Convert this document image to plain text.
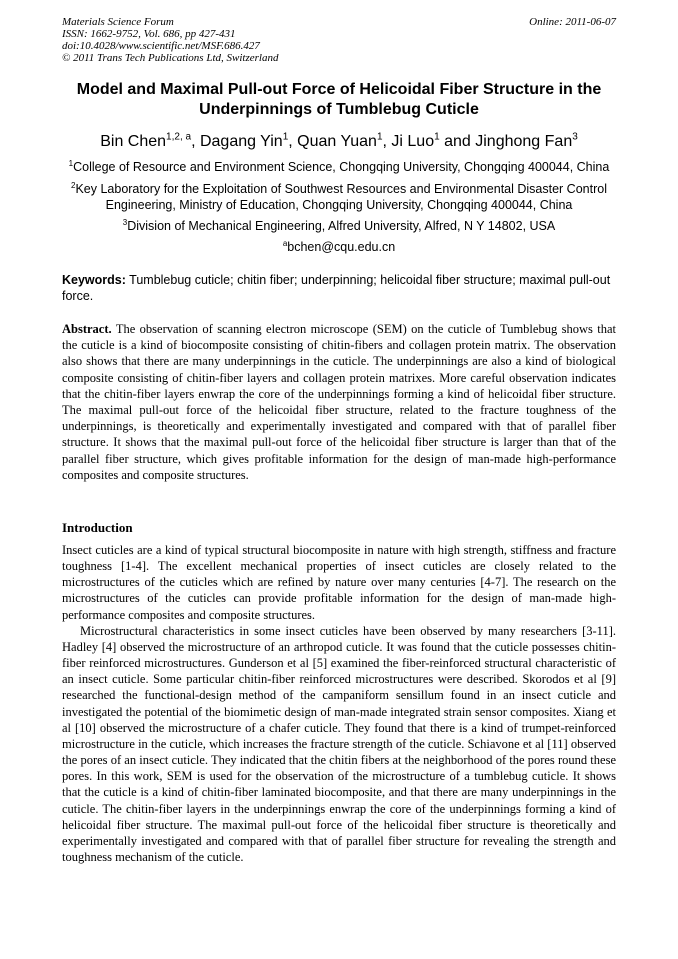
Materials Science Forum
ISSN: 1662-9752, Vol. 686, pp 427-431
doi:10.4028/www.scientific.net/MSF.686.427
© 2011 Trans Tech Publications Ltd, Switzerland
Online: 2011-06-07
Model and Maximal Pull-out Force of Helicoidal Fiber Structure in the Underpinnings of Tumblebug Cuticle
Bin Chen$^{1,2, a}$, Dagang Yin$^1$, Quan Yuan$^1$, Ji Luo$^1$ and Jinghong Fan$^3$
$^1$College of Resource and Environment Science, Chongqing University, Chongqing 400044, China
$^2$Key Laboratory for the Exploitation of Southwest Resources and Environmental Disaster Control Engineering, Ministry of Education, Chongqing University, Chongqing 400044, China
$^3$Division of Mechanical Engineering, Alfred University, Alfred, N Y 14802, USA
$^a$bchen@cqu.edu.cn
Keywords: Tumblebug cuticle; chitin fiber; underpinning; helicoidal fiber structure; maximal pull-out force.
Abstract. The observation of scanning electron microscope (SEM) on the cuticle of Tumblebug shows that the cuticle is a kind of biocomposite consisting of chitin-fibers and collagen protein matrix. The observation also shows that there are many underpinnings in the cuticle. The underpinnings are also a kind of biological composite consisting of chitin-fiber layers and collagen protein matrixes. More careful observation indicates that the chitin-fiber layers enwrap the core of the underpinnings forming a kind of helicoidal fiber structure. The maximal pull-out force of the helicoidal fiber structure, related to the fracture toughness of the underpinnings, is theoretically and experimentally investigated and compared with that of parallel fiber structure. It shows that the maximal pull-out force of the helicoidal fiber structure is larger than that of the parallel fiber structure, which gives profitable information for the design of man-made high-performance composites and composite structures.
Introduction

Insect cuticles are a kind of typical structural biocomposite in nature with high strength, stiffness and fracture toughness [1-4]. The excellent mechanical properties of insect cuticles are closely related to the microstructures of the cuticles which are refined by nature over many centuries [4-7]. The research on the microstructures of the cuticles can provide profitable information for the design of man-made high-performance composites and composite structures.

Microstructural characteristics in some insect cuticles have been observed by many researchers [3-11]. Hadley [4] observed the microstructure of an arthropod cuticle. It was found that the cuticle possesses chitin-fiber reinforced microstructures. Gunderson et al [5] examined the fiber-reinforced structural characteristic of an insect cuticle. Some particular chitin-fiber reinforced microstructures were described. Skorodos et al [9] researched the functional-design method of the campaniform sensillum found in an insect cuticle and investigated the potential of the biomimetic design of man-made integrated strain sensor composites. Xiang et al [10] observed the microstructure of a chafer cuticle. They found that there is a kind of trumpet-reinforced microstructure in the cuticle, which increases the fracture strength of the cuticle. Schiavone et al [11] observed the pores of an insect cuticle. They indicated that the chitin fibers at the neighborhood of the pores round these pores. In this work, SEM is used for the observation of the microstructure of a tumblebug cuticle. It shows that the cuticle is a kind of chitin-fiber laminated biocomposite, and that there are many underpinnings in the cuticle. The chitin-fiber layers in the underpinnings enwrap the core of the underpinnings forming a kind of helicoidal fiber structure. The maximal pull-out force of the helicoidal fiber structure is theoretically and experimentally investigated and compared with that of parallel fiber structure for revealing the strength and toughness mechanism of the cuticle.
